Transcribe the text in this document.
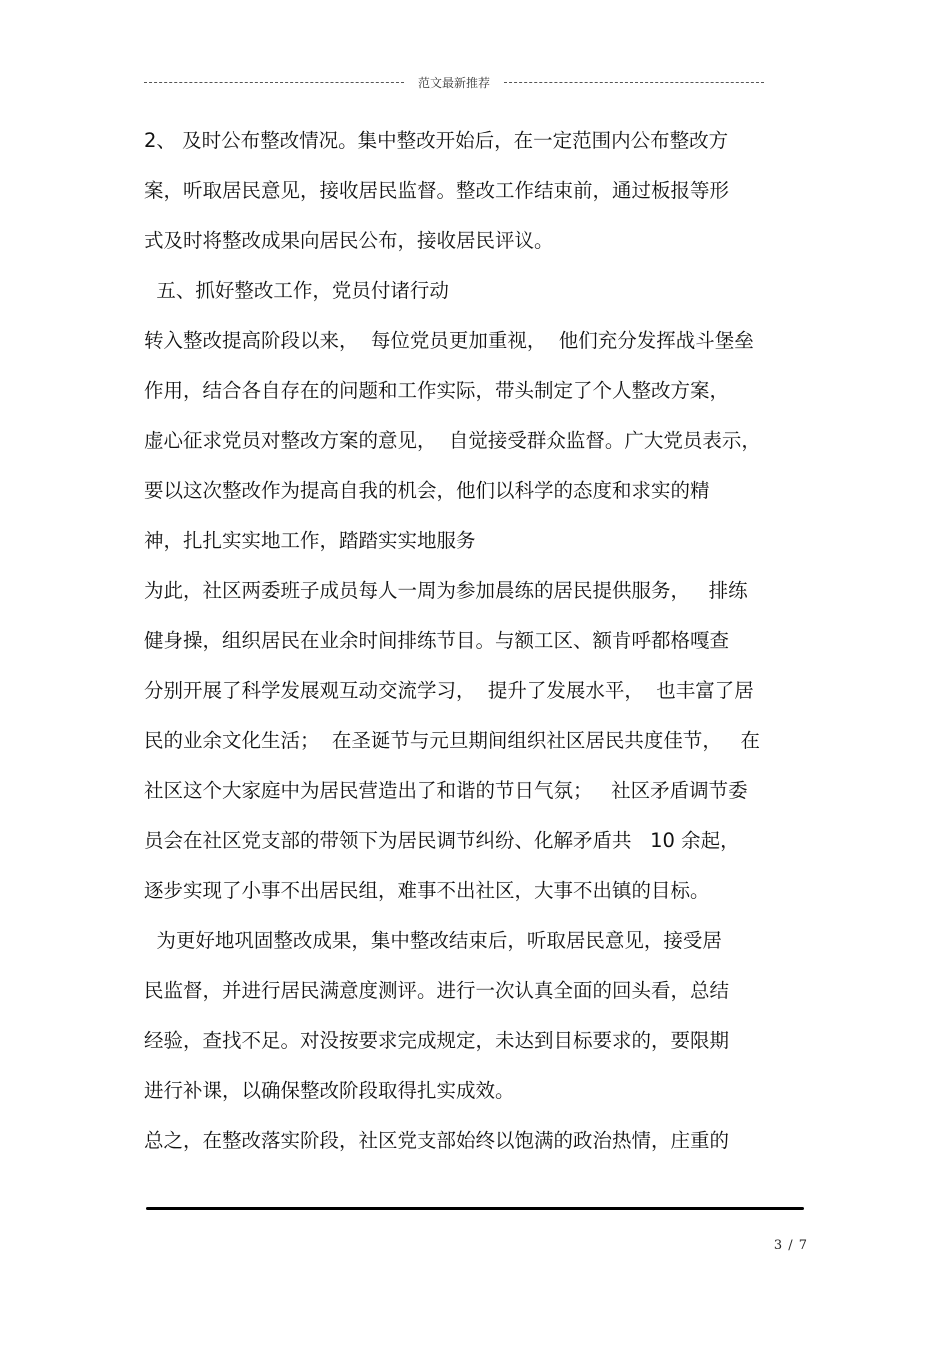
范文最新推荐
2、 及时公布整改情况。集中整改开始后，在一定范围内公布整改方
案，听取居民意见，接收居民监督。整改工作结束前，通过板报等形
式及时将整改成果向居民公布，接收居民评议。
五、抓好整改工作，党员付诸行动
转入整改提高阶段以来，  每位党员更加重视，  他们充分发挥战斗堡垒
作用，结合各自存在的问题和工作实际，带头制定了个人整改方案，
虚心征求党员对整改方案的意见，  自觉接受群众监督。广大党员表示，
要以这次整改作为提高自我的机会，他们以科学的态度和求实的精
神，扎扎实实地工作，踏踏实实地服务
为此，社区两委班子成员每人一周为参加晨练的居民提供服务，   排练
健身操，组织居民在业余时间排练节目。与额工区、额肯呼都格嘎查
分别开展了科学发展观互动交流学习，  提升了发展水平，  也丰富了居
民的业余文化生活；  在圣诞节与元旦期间组织社区居民共度佳节，   在
社区这个大家庭中为居民营造出了和谐的节日气氛；   社区矛盾调节委
员会在社区党支部的带领下为居民调节纠纷、化解矛盾共   10 余起，
逐步实现了小事不出居民组，难事不出社区，大事不出镇的目标。
为更好地巩固整改成果，集中整改结束后，听取居民意见，接受居
民监督，并进行居民满意度测评。进行一次认真全面的回头看，总结
经验，查找不足。对没按要求完成规定，未达到目标要求的，要限期
进行补课，以确保整改阶段取得扎实成效。
总之，在整改落实阶段，社区党支部始终以饱满的政治热情，庄重的
3 / 7
